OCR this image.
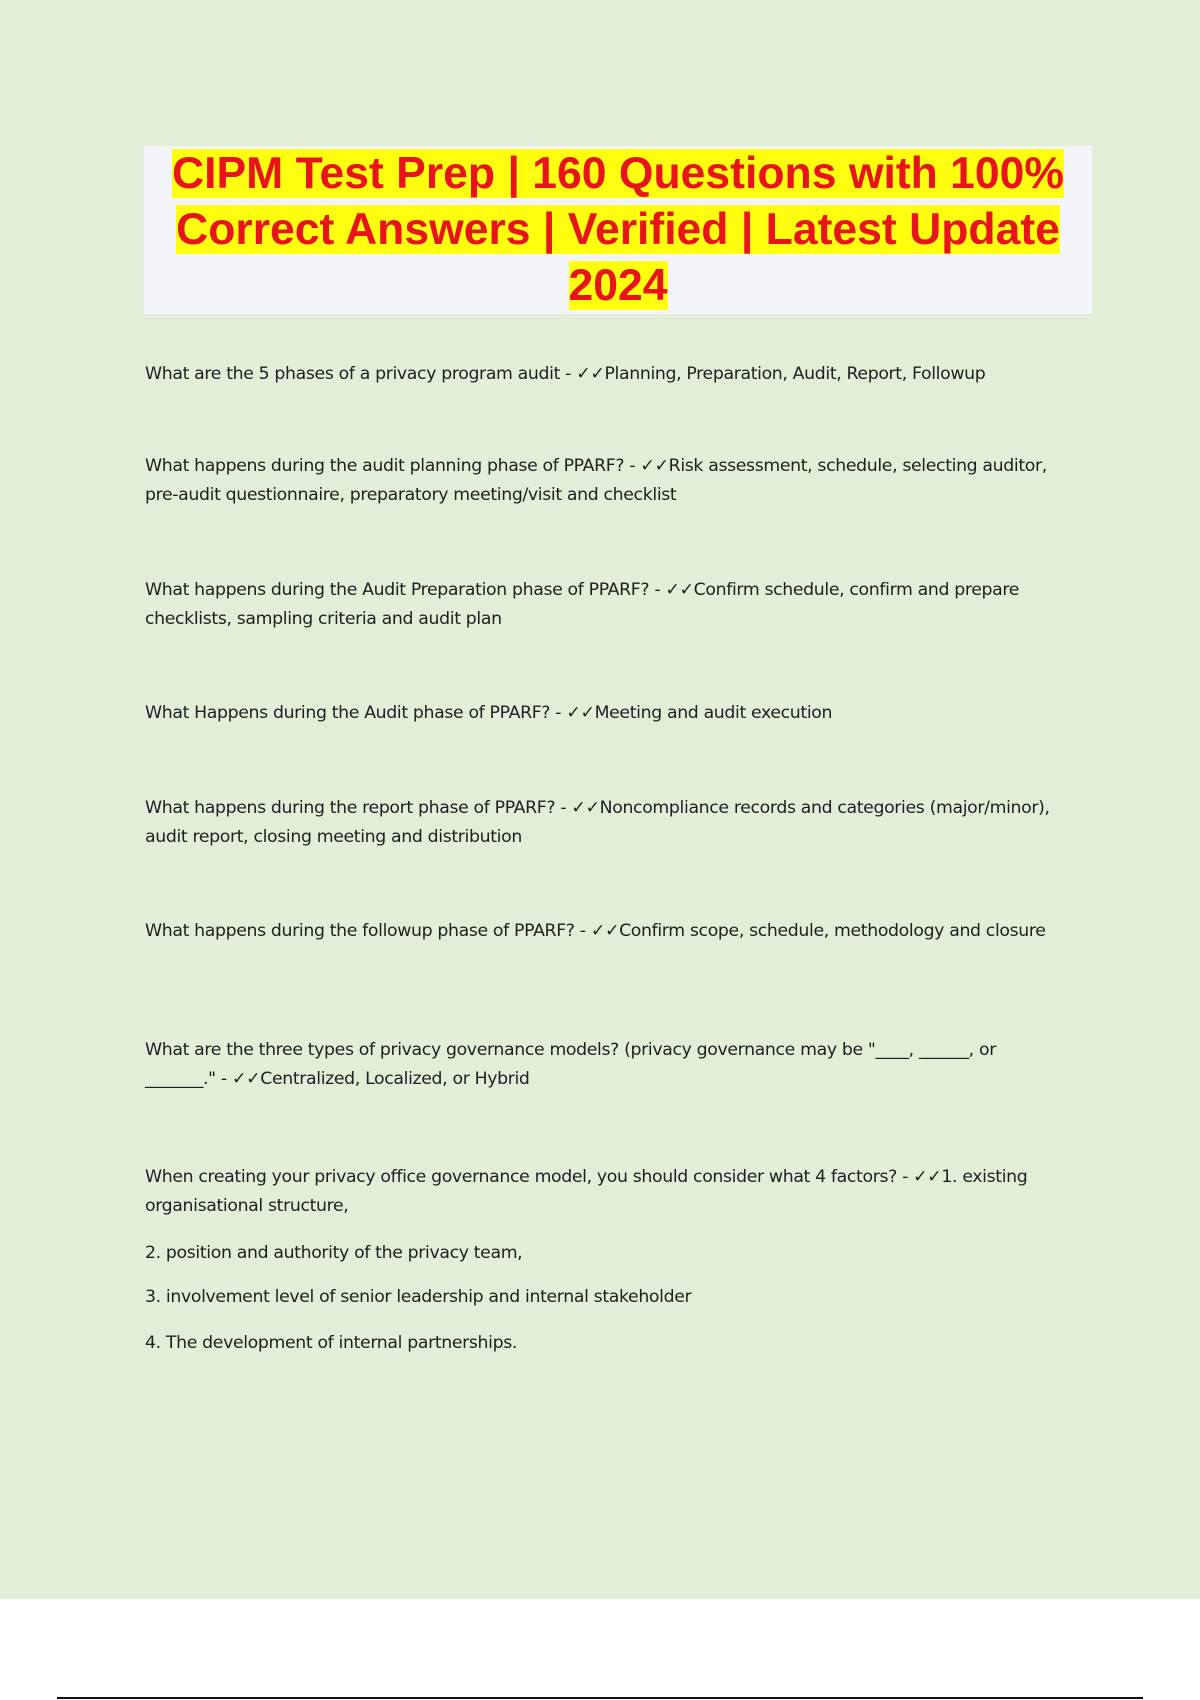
CIPM Test Prep | 160 Questions with 100% Correct Answers | Verified | Latest Update 2024

What are the 5 phases of a privacy program audit - ✓✓Planning, Preparation, Audit, Report, Followup

What happens during the audit planning phase of PPARF? - ✓✓Risk assessment, schedule, selecting auditor, pre-audit questionnaire, preparatory meeting/visit and checklist

What happens during the Audit Preparation phase of PPARF? - ✓✓Confirm schedule, confirm and prepare checklists, sampling criteria and audit plan

What Happens during the Audit phase of PPARF? - ✓✓Meeting and audit execution

What happens during the report phase of PPARF? - ✓✓Noncompliance records and categories (major/minor), audit report, closing meeting and distribution

What happens during the followup phase of PPARF? - ✓✓Confirm scope, schedule, methodology and closure

What are the three types of privacy governance models? (privacy governance may be "____, ______, or _______." - ✓✓Centralized, Localized, or Hybrid

When creating your privacy office governance model, you should consider what 4 factors? - ✓✓1. existing organisational structure,

2. position and authority of the privacy team,

3. involvement level of senior leadership and internal stakeholder

4. The development of internal partnerships.
